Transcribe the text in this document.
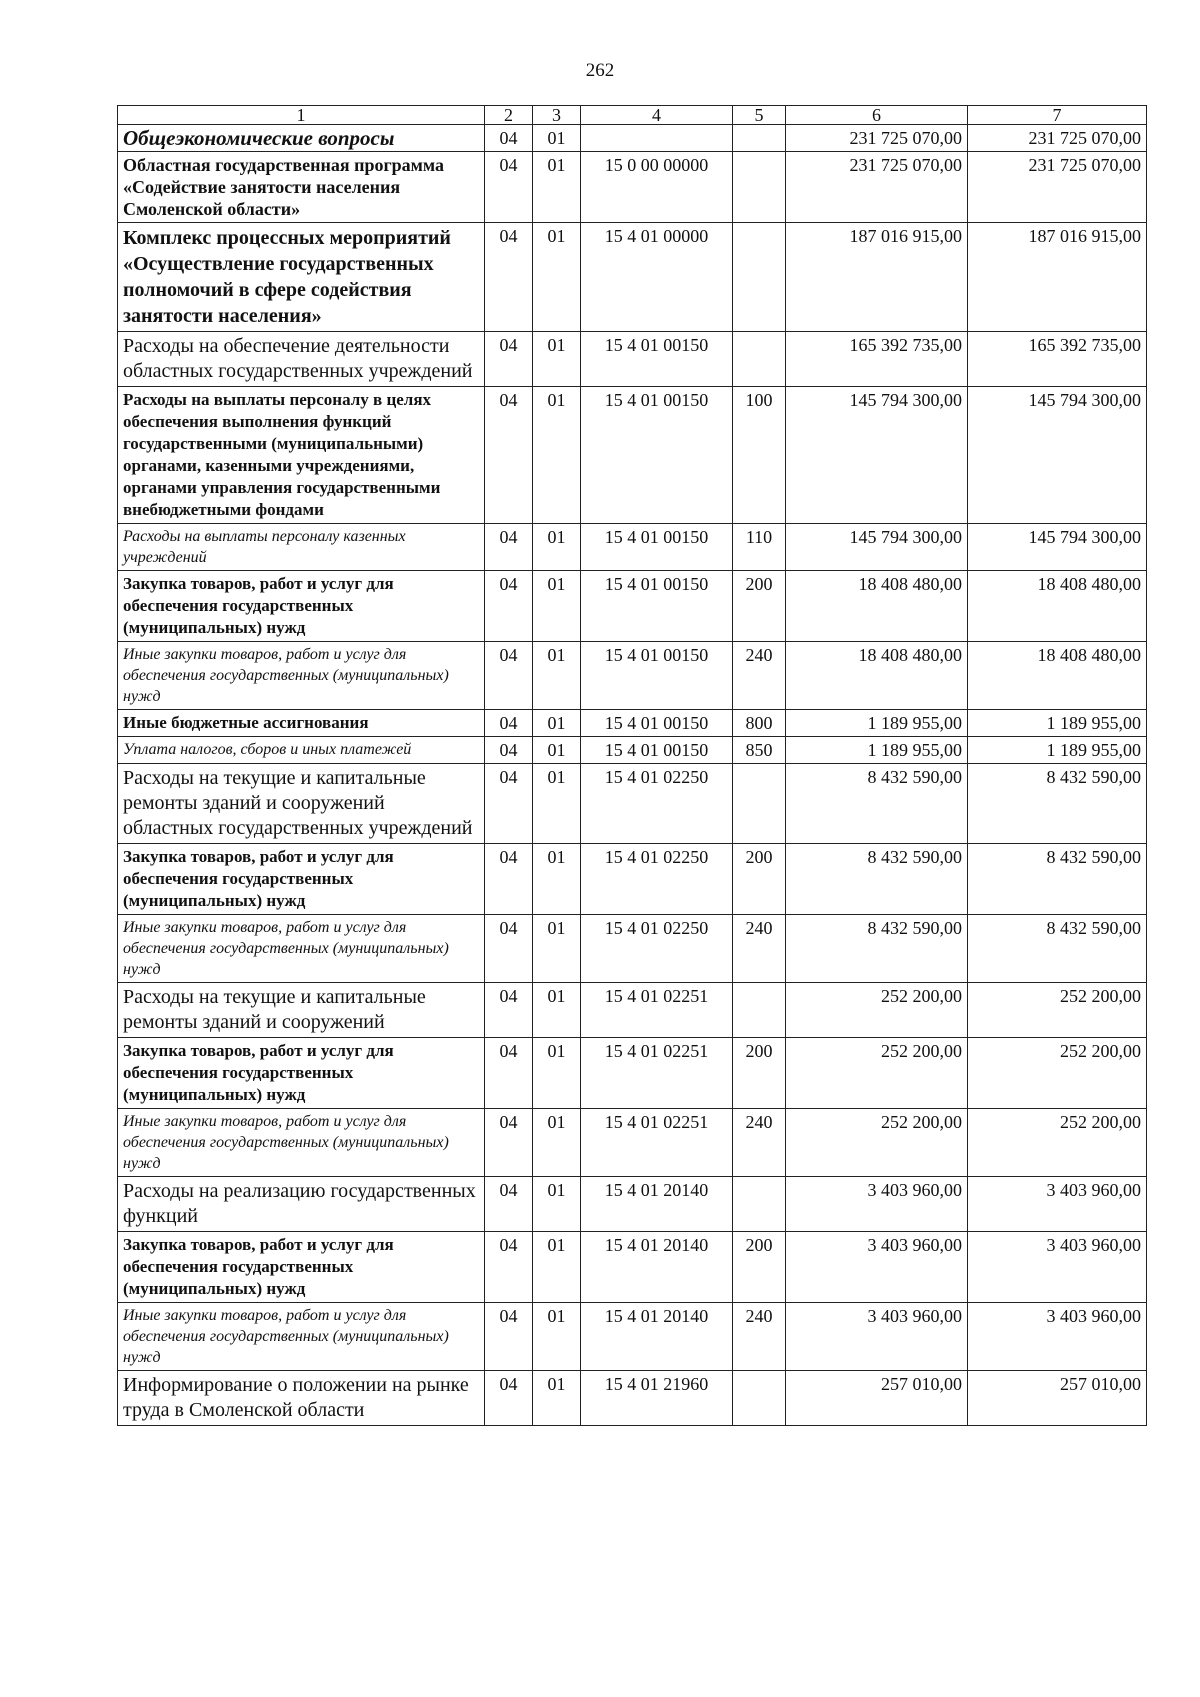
262
1	2	3	4	5	6	7
Общеэкономические вопросы	04	01			231 725 070,00	231 725 070,00
Областная государственная программа «Содействие занятости населения Смоленской области»	04	01	15 0 00 00000		231 725 070,00	231 725 070,00
Комплекс процессных мероприятий «Осуществление государственных полномочий в сфере содействия занятости населения»	04	01	15 4 01 00000		187 016 915,00	187 016 915,00
Расходы на обеспечение деятельности областных государственных учреждений	04	01	15 4 01 00150		165 392 735,00	165 392 735,00
Расходы на выплаты персоналу в целях обеспечения выполнения функций государственными (муниципальными) органами, казенными учреждениями, органами управления государственными внебюджетными фондами	04	01	15 4 01 00150	100	145 794 300,00	145 794 300,00
Расходы на выплаты персоналу казенных учреждений	04	01	15 4 01 00150	110	145 794 300,00	145 794 300,00
Закупка товаров, работ и услуг для обеспечения государственных (муниципальных) нужд	04	01	15 4 01 00150	200	18 408 480,00	18 408 480,00
Иные закупки товаров, работ и услуг для обеспечения государственных (муниципальных) нужд	04	01	15 4 01 00150	240	18 408 480,00	18 408 480,00
Иные бюджетные ассигнования	04	01	15 4 01 00150	800	1 189 955,00	1 189 955,00
Уплата налогов, сборов и иных платежей	04	01	15 4 01 00150	850	1 189 955,00	1 189 955,00
Расходы на текущие и капитальные ремонты зданий и сооружений областных государственных учреждений	04	01	15 4 01 02250		8 432 590,00	8 432 590,00
Закупка товаров, работ и услуг для обеспечения государственных (муниципальных) нужд	04	01	15 4 01 02250	200	8 432 590,00	8 432 590,00
Иные закупки товаров, работ и услуг для обеспечения государственных (муниципальных) нужд	04	01	15 4 01 02250	240	8 432 590,00	8 432 590,00
Расходы на текущие и капитальные ремонты зданий и сооружений	04	01	15 4 01 02251		252 200,00	252 200,00
Закупка товаров, работ и услуг для обеспечения государственных (муниципальных) нужд	04	01	15 4 01 02251	200	252 200,00	252 200,00
Иные закупки товаров, работ и услуг для обеспечения государственных (муниципальных) нужд	04	01	15 4 01 02251	240	252 200,00	252 200,00
Расходы на реализацию государственных функций	04	01	15 4 01 20140		3 403 960,00	3 403 960,00
Закупка товаров, работ и услуг для обеспечения государственных (муниципальных) нужд	04	01	15 4 01 20140	200	3 403 960,00	3 403 960,00
Иные закупки товаров, работ и услуг для обеспечения государственных (муниципальных) нужд	04	01	15 4 01 20140	240	3 403 960,00	3 403 960,00
Информирование о положении на рынке труда в Смоленской области	04	01	15 4 01 21960		257 010,00	257 010,00
